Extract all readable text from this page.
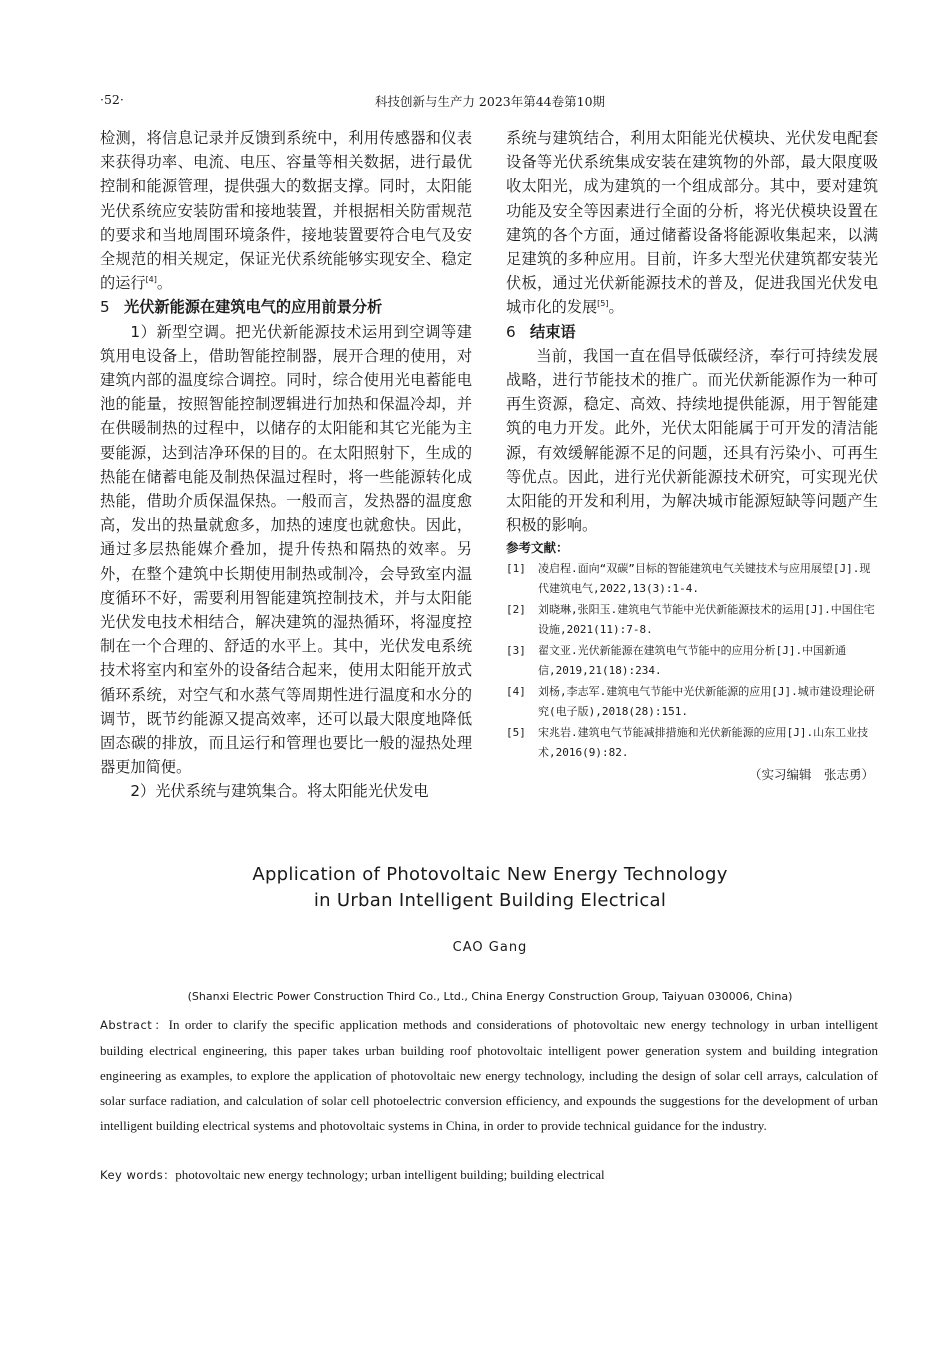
·52·	科技创新与生产力 2023年第44卷第10期

检测，将信息记录并反馈到系统中，利用传感器和仪表来获得功率、电流、电压、容量等相关数据，进行最优控制和能源管理，提供强大的数据支撑。同时，太阳能光伏系统应安装防雷和接地装置，并根据相关防雷规范的要求和当地周围环境条件，接地装置要符合电气及安全规范的相关规定，保证光伏系统能够实现安全、稳定的运行[4]。

5 光伏新能源在建筑电气的应用前景分析

1）新型空调。把光伏新能源技术运用到空调等建筑用电设备上，借助智能控制器，展开合理的使用，对建筑内部的温度综合调控。同时，综合使用光电蓄能电池的能量，按照智能控制逻辑进行加热和保温冷却，并在供暖制热的过程中，以储存的太阳能和其它光能为主要能源，达到洁净环保的目的。在太阳照射下，生成的热能在储蓄电能及制热保温过程时，将一些能源转化成热能，借助介质保温保热。一般而言，发热器的温度愈高，发出的热量就愈多，加热的速度也就愈快。因此，通过多层热能媒介叠加，提升传热和隔热的效率。另外，在整个建筑中长期使用制热或制冷，会导致室内温度循环不好，需要利用智能建筑控制技术，并与太阳能光伏发电技术相结合，解决建筑的湿热循环，将湿度控制在一个合理的、舒适的水平上。其中，光伏发电系统技术将室内和室外的设备结合起来，使用太阳能开放式循环系统，对空气和水蒸气等周期性进行温度和水分的调节，既节约能源又提高效率，还可以最大限度地降低固态碳的排放，而且运行和管理也要比一般的湿热处理器更加简便。

2）光伏系统与建筑集合。将太阳能光伏发电

系统与建筑结合，利用太阳能光伏模块、光伏发电配套设备等光伏系统集成安装在建筑物的外部，最大限度吸收太阳光，成为建筑的一个组成部分。其中，要对建筑功能及安全等因素进行全面的分析，将光伏模块设置在建筑的各个方面，通过储蓄设备将能源收集起来，以满足建筑的多种应用。目前，许多大型光伏建筑都安装光伏板，通过光伏新能源技术的普及，促进我国光伏发电城市化的发展[5]。

6 结束语

当前，我国一直在倡导低碳经济，奉行可持续发展战略，进行节能技术的推广。而光伏新能源作为一种可再生资源，稳定、高效、持续地提供能源，用于智能建筑的电力开发。此外，光伏太阳能属于可开发的清洁能源，有效缓解能源不足的问题，还具有污染小、可再生等优点。因此，进行光伏新能源技术研究，可实现光伏太阳能的开发和利用，为解决城市能源短缺等问题产生积极的影响。

参考文献：

[1]	凌启程.面向“双碳”目标的智能建筑电气关键技术与应用展望[J].现代建筑电气,2022,13(3):1-4.
[2]	刘晓琳,张阳玉.建筑电气节能中光伏新能源技术的运用[J].中国住宅设施,2021(11):7-8.
[3]	翟文亚.光伏新能源在建筑电气节能中的应用分析[J].中国新通信,2019,21(18):234.
[4]	刘杨,李志军.建筑电气节能中光伏新能源的应用[J].城市建设理论研究(电子版),2018(28):151.
[5]	宋兆岩.建筑电气节能减排措施和光伏新能源的应用[J].山东工业技术,2016(9):82.
（实习编辑　张志勇）
Application of Photovoltaic New Energy Technology
in Urban Intelligent Building Electrical
CAO Gang
(Shanxi Electric Power Construction Third Co., Ltd., China Energy Construction Group, Taiyuan 030006, China)
Abstract：In order to clarify the specific application methods and considerations of photovoltaic new energy technology in urban intelligent building electrical engineering, this paper takes urban building roof photovoltaic intelligent power generation system and building integration engineering as examples, to explore the application of photovoltaic new energy technology, including the design of solar cell arrays, calculation of solar surface radiation, and calculation of solar cell photoelectric conversion efficiency, and expounds the suggestions for the development of urban intelligent building electrical systems and photovoltaic systems in China, in order to provide technical guidance for the industry.
Key words：photovoltaic new energy technology; urban intelligent building; building electrical
